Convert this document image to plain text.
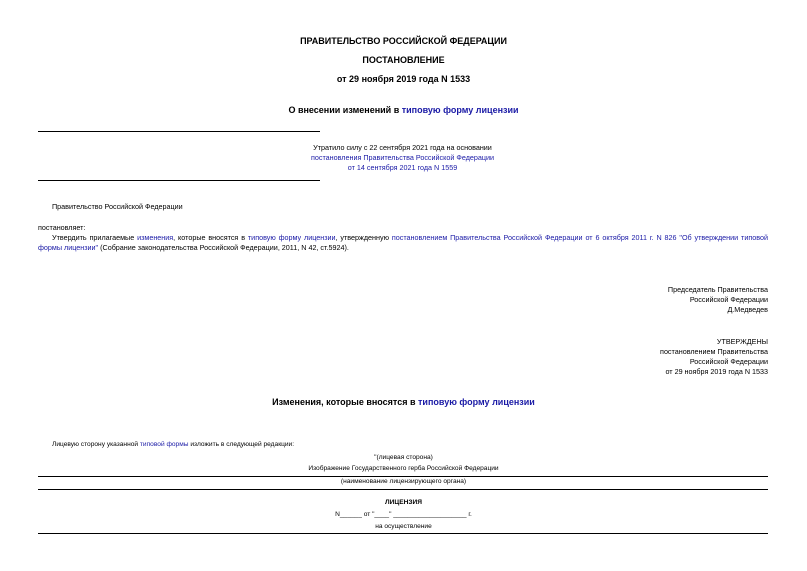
ПРАВИТЕЛЬСТВО РОССИЙСКОЙ ФЕДЕРАЦИИ
ПОСТАНОВЛЕНИЕ
от 29 ноября 2019 года N 1533
О внесении изменений в типовую форму лицензии
Утратило силу с 22 сентября 2021 года на основании
постановления Правительства Российской Федерации
от 14 сентября 2021 года N 1559
Правительство Российской Федерации
постановляет:
Утвердить прилагаемые изменения, которые вносятся в типовую форму лицензии, утвержденную постановлением Правительства Российской Федерации от 6 октября 2011 г. N 826 "Об утверждении типовой формы лицензии" (Собрание законодательства Российской Федерации, 2011, N 42, ст.5924).
Председатель Правительства
Российской Федерации
Д.Медведев
УТВЕРЖДЕНЫ
постановлением Правительства
Российской Федерации
от 29 ноября 2019 года N 1533
Изменения, которые вносятся в типовую форму лицензии
Лицевую сторону указанной типовой формы изложить в следующей редакции:
"(лицевая сторона)
Изображение Государственного герба Российской Федерации
(наименование лицензирующего органа)
ЛИЦЕНЗИЯ
N______ от "____" ____________________ г.
на осуществление
